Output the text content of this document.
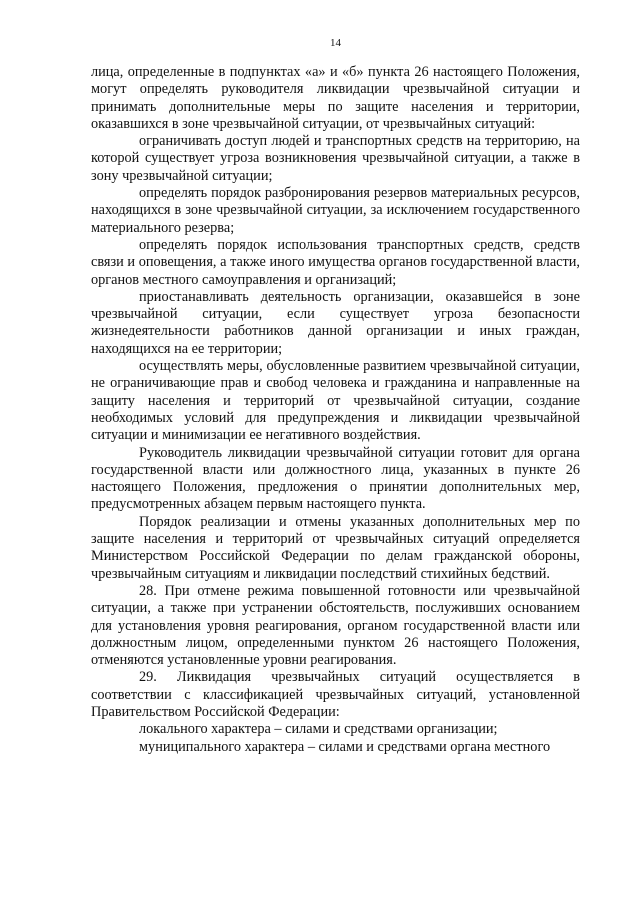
14

лица, определенные в подпунктах «а» и «б» пункта 26 настоящего Положения, могут определять руководителя ликвидации чрезвычайной ситуации и принимать дополнительные меры по защите населения и территории, оказавшихся в зоне чрезвычайной ситуации, от чрезвычайных ситуаций:

ограничивать доступ людей и транспортных средств на территорию, на которой существует угроза возникновения чрезвычайной ситуации, а также в зону чрезвычайной ситуации;

определять порядок разбронирования резервов материальных ресурсов, находящихся в зоне чрезвычайной ситуации, за исключением государственного материального резерва;

определять порядок использования транспортных средств, средств связи и оповещения, а также иного имущества органов государственной власти, органов местного самоуправления и организаций;

приостанавливать деятельность организации, оказавшейся в зоне чрезвычайной ситуации, если существует угроза безопасности жизнедеятельности работников данной организации и иных граждан, находящихся на ее территории;

осуществлять меры, обусловленные развитием чрезвычайной ситуации, не ограничивающие прав и свобод человека и гражданина и направленные на защиту населения и территорий от чрезвычайной ситуации, создание необходимых условий для предупреждения и ликвидации чрезвычайной ситуации и минимизации ее негативного воздействия.

Руководитель ликвидации чрезвычайной ситуации готовит для органа государственной власти или должностного лица, указанных в пункте 26 настоящего Положения, предложения о принятии дополнительных мер, предусмотренных абзацем первым настоящего пункта.

Порядок реализации и отмены указанных дополнительных мер по защите населения и территорий от чрезвычайных ситуаций определяется Министерством Российской Федерации по делам гражданской обороны, чрезвычайным ситуациям и ликвидации последствий стихийных бедствий.

28. При отмене режима повышенной готовности или чрезвычайной ситуации, а также при устранении обстоятельств, послуживших основанием для установления уровня реагирования, органом государственной власти или должностным лицом, определенными пунктом 26 настоящего Положения, отменяются установленные уровни реагирования.

29. Ликвидация чрезвычайных ситуаций осуществляется в соответствии с классификацией чрезвычайных ситуаций, установленной Правительством Российской Федерации:

локального характера – силами и средствами организации;

муниципального характера – силами и средствами органа местного
